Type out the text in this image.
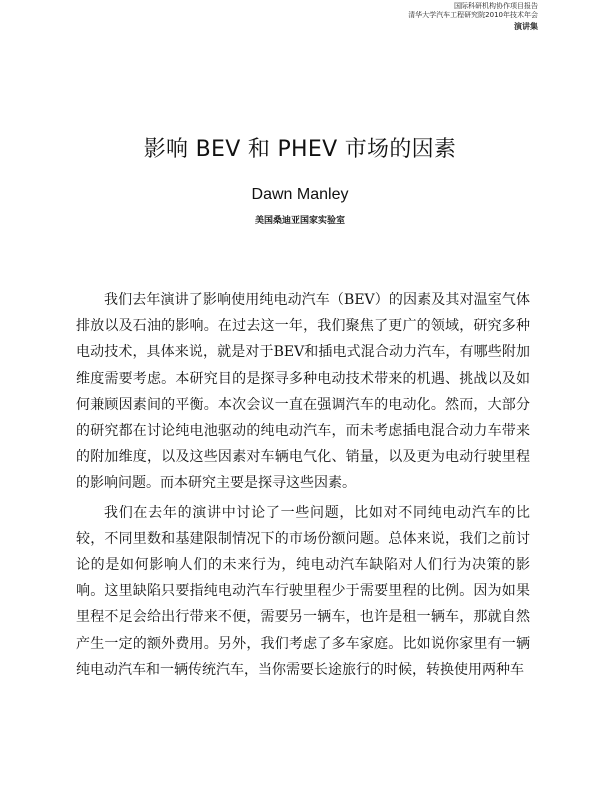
国际科研机构协作项目报告
清华大学汽车工程研究院2010年技术年会
演讲集
影响 BEV 和 PHEV 市场的因素
Dawn Manley
美国桑迪亚国家实验室

我们去年演讲了影响使用纯电动汽车（BEV）的因素及其对温室气体排放以及石油的影响。在过去这一年，我们聚焦了更广的领域，研究多种电动技术，具体来说，就是对于BEV和插电式混合动力汽车，有哪些附加维度需要考虑。本研究目的是探寻多种电动技术带来的机遇、挑战以及如何兼顾因素间的平衡。本次会议一直在强调汽车的电动化。然而，大部分的研究都在讨论纯电池驱动的纯电动汽车，而未考虑插电混合动力车带来的附加维度，以及这些因素对车辆电气化、销量，以及更为电动行驶里程的影响问题。而本研究主要是探寻这些因素。

我们在去年的演讲中讨论了一些问题，比如对不同纯电动汽车的比较，不同里数和基建限制情况下的市场份额问题。总体来说，我们之前讨论的是如何影响人们的未来行为，纯电动汽车缺陷对人们行为决策的影响。这里缺陷只要指纯电动汽车行驶里程少于需要里程的比例。因为如果里程不足会给出行带来不便，需要另一辆车，也许是租一辆车，那就自然产生一定的额外费用。另外，我们考虑了多车家庭。比如说你家里有一辆纯电动汽车和一辆传统汽车，当你需要长途旅行的时候，转换使用两种车
